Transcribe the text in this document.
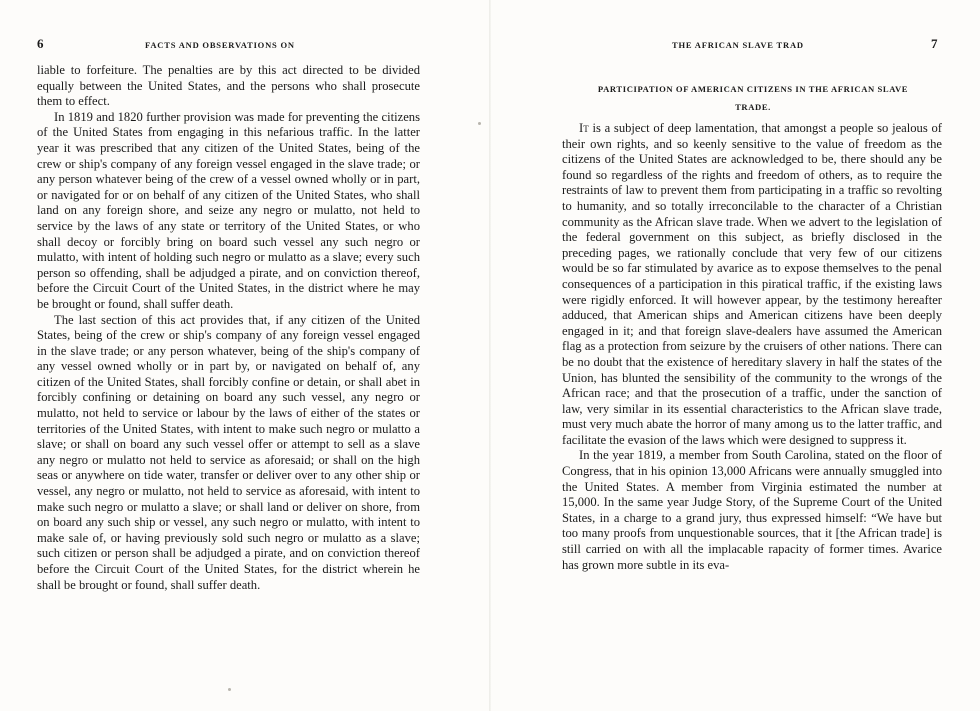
6	FACTS AND OBSERVATIONS ON

liable to forfeiture. The penalties are by this act directed to be divided equally between the United States, and the persons who shall prosecute them to effect.

In 1819 and 1820 further provision was made for preventing the citizens of the United States from engaging in this nefarious traffic. In the latter year it was prescribed that any citizen of the United States, being of the crew or ship's company of any foreign vessel engaged in the slave trade; or any person whatever being of the crew of a vessel owned wholly or in part, or navigated for or on behalf of any citizen of the United States, who shall land on any foreign shore, and seize any negro or mulatto, not held to service by the laws of any state or territory of the United States, or who shall decoy or forcibly bring on board such vessel any such negro or mulatto, with intent of holding such negro or mulatto as a slave; every such person so offending, shall be adjudged a pirate, and on conviction thereof, before the Circuit Court of the United States, in the district where he may be brought or found, shall suffer death.

The last section of this act provides that, if any citizen of the United States, being of the crew or ship's company of any foreign vessel engaged in the slave trade; or any person whatever, being of the ship's company of any vessel owned wholly or in part by, or navigated on behalf of, any citizen of the United States, shall forcibly confine or detain, or shall abet in forcibly confining or detaining on board any such vessel, any negro or mulatto, not held to service or labour by the laws of either of the states or territories of the United States, with intent to make such negro or mulatto a slave; or shall on board any such vessel offer or attempt to sell as a slave any negro or mulatto not held to service as aforesaid; or shall on the high seas or anywhere on tide water, transfer or deliver over to any other ship or vessel, any negro or mulatto, not held to service as aforesaid, with intent to make such negro or mulatto a slave; or shall land or deliver on shore, from on board any such ship or vessel, any such negro or mulatto, with intent to make sale of, or having previously sold such negro or mulatto as a slave; such citizen or person shall be adjudged a pirate, and on conviction thereof before the Circuit Court of the United States, for the district wherein he shall be brought or found, shall suffer death.

THE AFRICAN SLAVE TRAD	7
PARTICIPATION OF AMERICAN CITIZENS IN THE AFRICAN SLAVE
TRADE.

It is a subject of deep lamentation, that amongst a people so jealous of their own rights, and so keenly sensitive to the value of freedom as the citizens of the United States are acknowledged to be, there should any be found so regardless of the rights and freedom of others, as to require the restraints of law to prevent them from participating in a traffic so revolting to humanity, and so totally irreconcilable to the character of a Christian community as the African slave trade. When we advert to the legislation of the federal government on this subject, as briefly disclosed in the preceding pages, we rationally conclude that very few of our citizens would be so far stimulated by avarice as to expose themselves to the penal consequences of a participation in this piratical traffic, if the existing laws were rigidly enforced. It will however appear, by the testimony hereafter adduced, that American ships and American citizens have been deeply engaged in it; and that foreign slave-dealers have assumed the American flag as a protection from seizure by the cruisers of other nations. There can be no doubt that the existence of hereditary slavery in half the states of the Union, has blunted the sensibility of the community to the wrongs of the African race; and that the prosecution of a traffic, under the sanction of law, very similar in its essential characteristics to the African slave trade, must very much abate the horror of many among us to the latter traffic, and facilitate the evasion of the laws which were designed to suppress it.

In the year 1819, a member from South Carolina, stated on the floor of Congress, that in his opinion 13,000 Africans were annually smuggled into the United States. A member from Virginia estimated the number at 15,000. In the same year Judge Story, of the Supreme Court of the United States, in a charge to a grand jury, thus expressed himself: “We have but too many proofs from unquestionable sources, that it [the African trade] is still carried on with all the implacable rapacity of former times. Avarice has grown more subtle in its eva-
